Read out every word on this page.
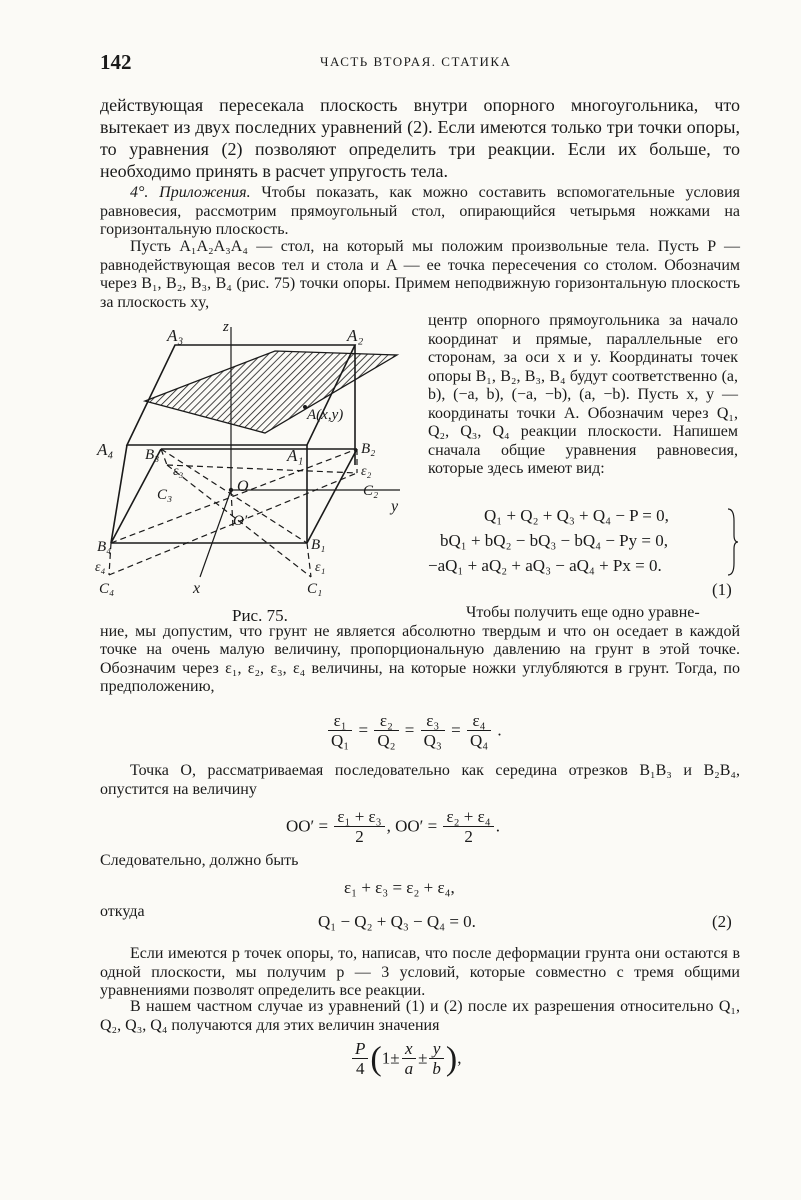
142	ЧАСТЬ ВТОРАЯ. СТАТИКА

действующая пересекала плоскость внутри опорного многоугольника, что вытекает из двух последних уравнений (2). Если имеются только три точки опоры, то уравнения (2) позволяют определить три реакции. Если их больше, то необходимо принять в расчет упругость тела.

4°. Приложения. Чтобы показать, как можно составить вспомогательные условия равновесия, рассмотрим прямоугольный стол, опирающийся четырьмя ножками на горизонтальную плоскость.

Пусть A₁A₂A₃A₄ — стол, на который мы положим произвольные тела. Пусть P — равнодействующая весов тел и стола и A — ее точка пересечения со столом. Обозначим через B₁, B₂, B₃, B₄ (рис. 75) точки опоры. Примем неподвижную горизонтальную плоскость за плоскость xy,

центр опорного прямоугольника за начало координат и прямые, параллельные его сторонам, за оси x и y. Координаты точек опоры B₁, B₂, B₃, B₄ будут соответственно (a, b), (−a, b), (−a, −b), (a, −b). Пусть x, y — координаты точки A. Обозначим через Q₁, Q₂, Q₃, Q₄ реакции плоскости. Напишем сначала общие уравнения равновесия, которые здесь имеют вид:

Q₁ + Q₂ + Q₃ + Q₄ − P = 0,
bQ₁ + bQ₂ − bQ₃ − bQ₄ − Py = 0,
−aQ₁ + aQ₂ + aQ₃ − aQ₄ + Px = 0.
(1)
A₃	A₂
A₄	A₁
A(x,y)
z
B₃	B₂
B₄	B₁
ε₃	ε₂
ε₄	ε₁
C₃	C₂
C₄	C₁
O
O′
y
x
Рис. 75.	Чтобы получить еще одно уравне-

ние, мы допустим, что грунт не является абсолютно твердым и что он оседает в каждой точке на очень малую величину, пропорциональную давлению на грунт в этой точке. Обозначим через ε₁, ε₂, ε₃, ε₄ величины, на которые ножки углубляются в грунт. Тогда, по предположению,

$\frac{\text{ε₁}}{\text{Q₁}} = \frac{\text{ε₂}}{\text{Q₂}} = \frac{\text{ε₃}}{\text{Q₃}} = \frac{\text{ε₄}}{\text{Q₄}}$ .

Точка O, рассматриваемая последовательно как середина отрезков B₁B₃ и B₂B₄, опустится на величину

$OO' = \frac{\text{ε₁ + ε₃}}{2}$ , $OO' = \frac{\text{ε₂ + ε₄}}{2}$ .

Следовательно, должно быть

ε₁ + ε₃ = ε₂ + ε₄,

откуда

Q₁ − Q₂ + Q₃ − Q₄ = 0.	(2)

Если имеются p точек опоры, то, написав, что после деформации грунта они остаются в одной плоскости, мы получим p — 3 условий, которые совместно с тремя общими уравнениями позволят определить все реакции.

В нашем частном случае из уравнений (1) и (2) после их разрешения относительно Q₁, Q₂, Q₃, Q₄ получаются для этих величин значения

$\frac{P}{4} (1\pm \frac{x}{a} \pm \frac{y}{b}$ ),
